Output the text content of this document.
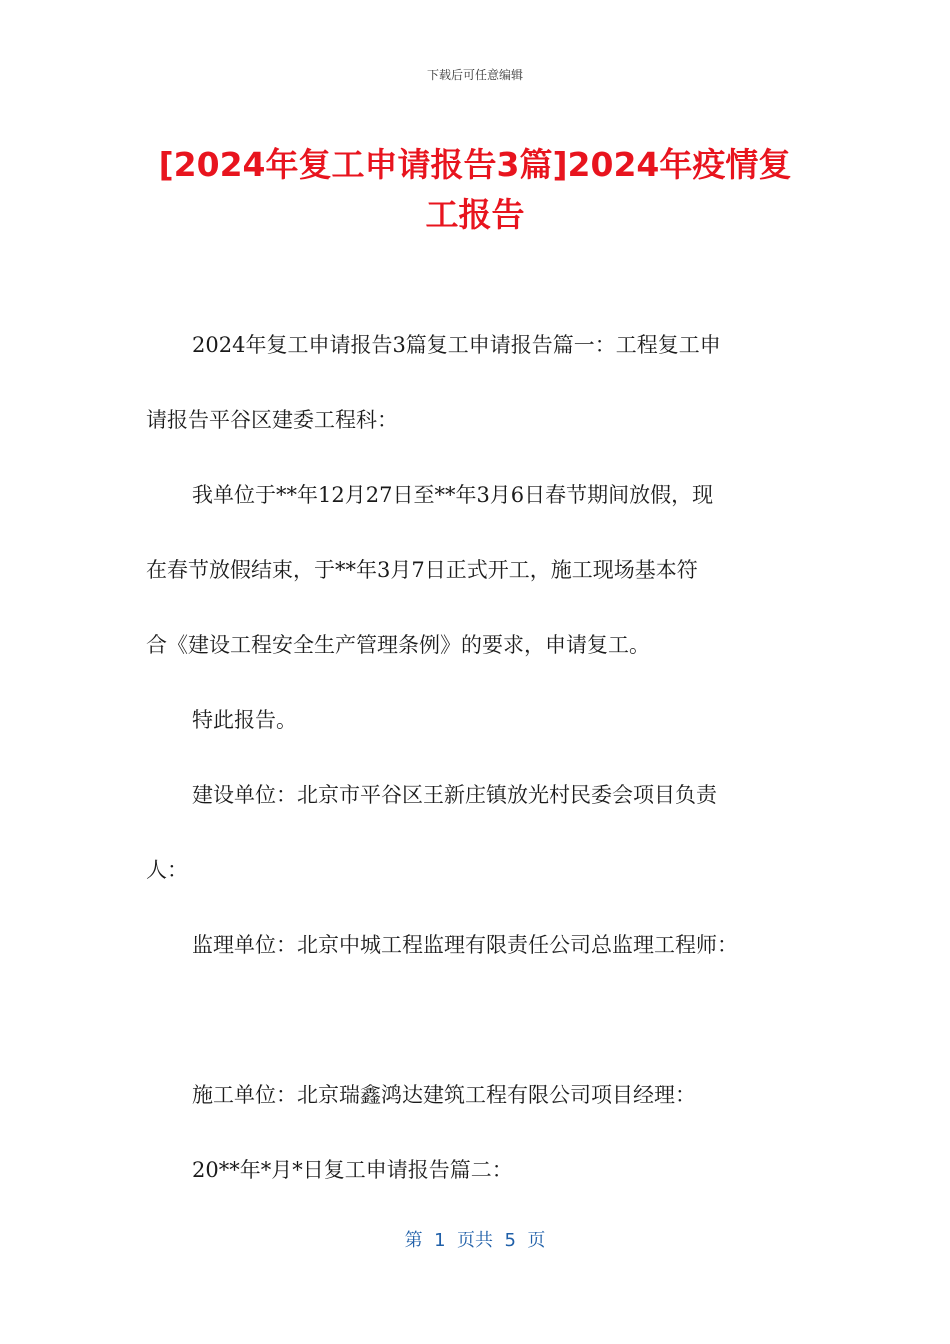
下载后可任意编辑
[2024年复工申请报告3篇]2024年疫情复
工报告
2024年复工申请报告3篇复工申请报告篇一：工程复工申
请报告平谷区建委工程科：
我单位于**年12月27日至**年3月6日春节期间放假，现
在春节放假结束，于**年3月7日正式开工，施工现场基本符
合《建设工程安全生产管理条例》的要求，申请复工。
特此报告。
建设单位：北京市平谷区王新庄镇放光村民委会项目负责
人：
监理单位：北京中城工程监理有限责任公司总监理工程师：
施工单位：北京瑞鑫鸿达建筑工程有限公司项目经理：
20**年*月*日复工申请报告篇二：
第  1  页共  5  页
